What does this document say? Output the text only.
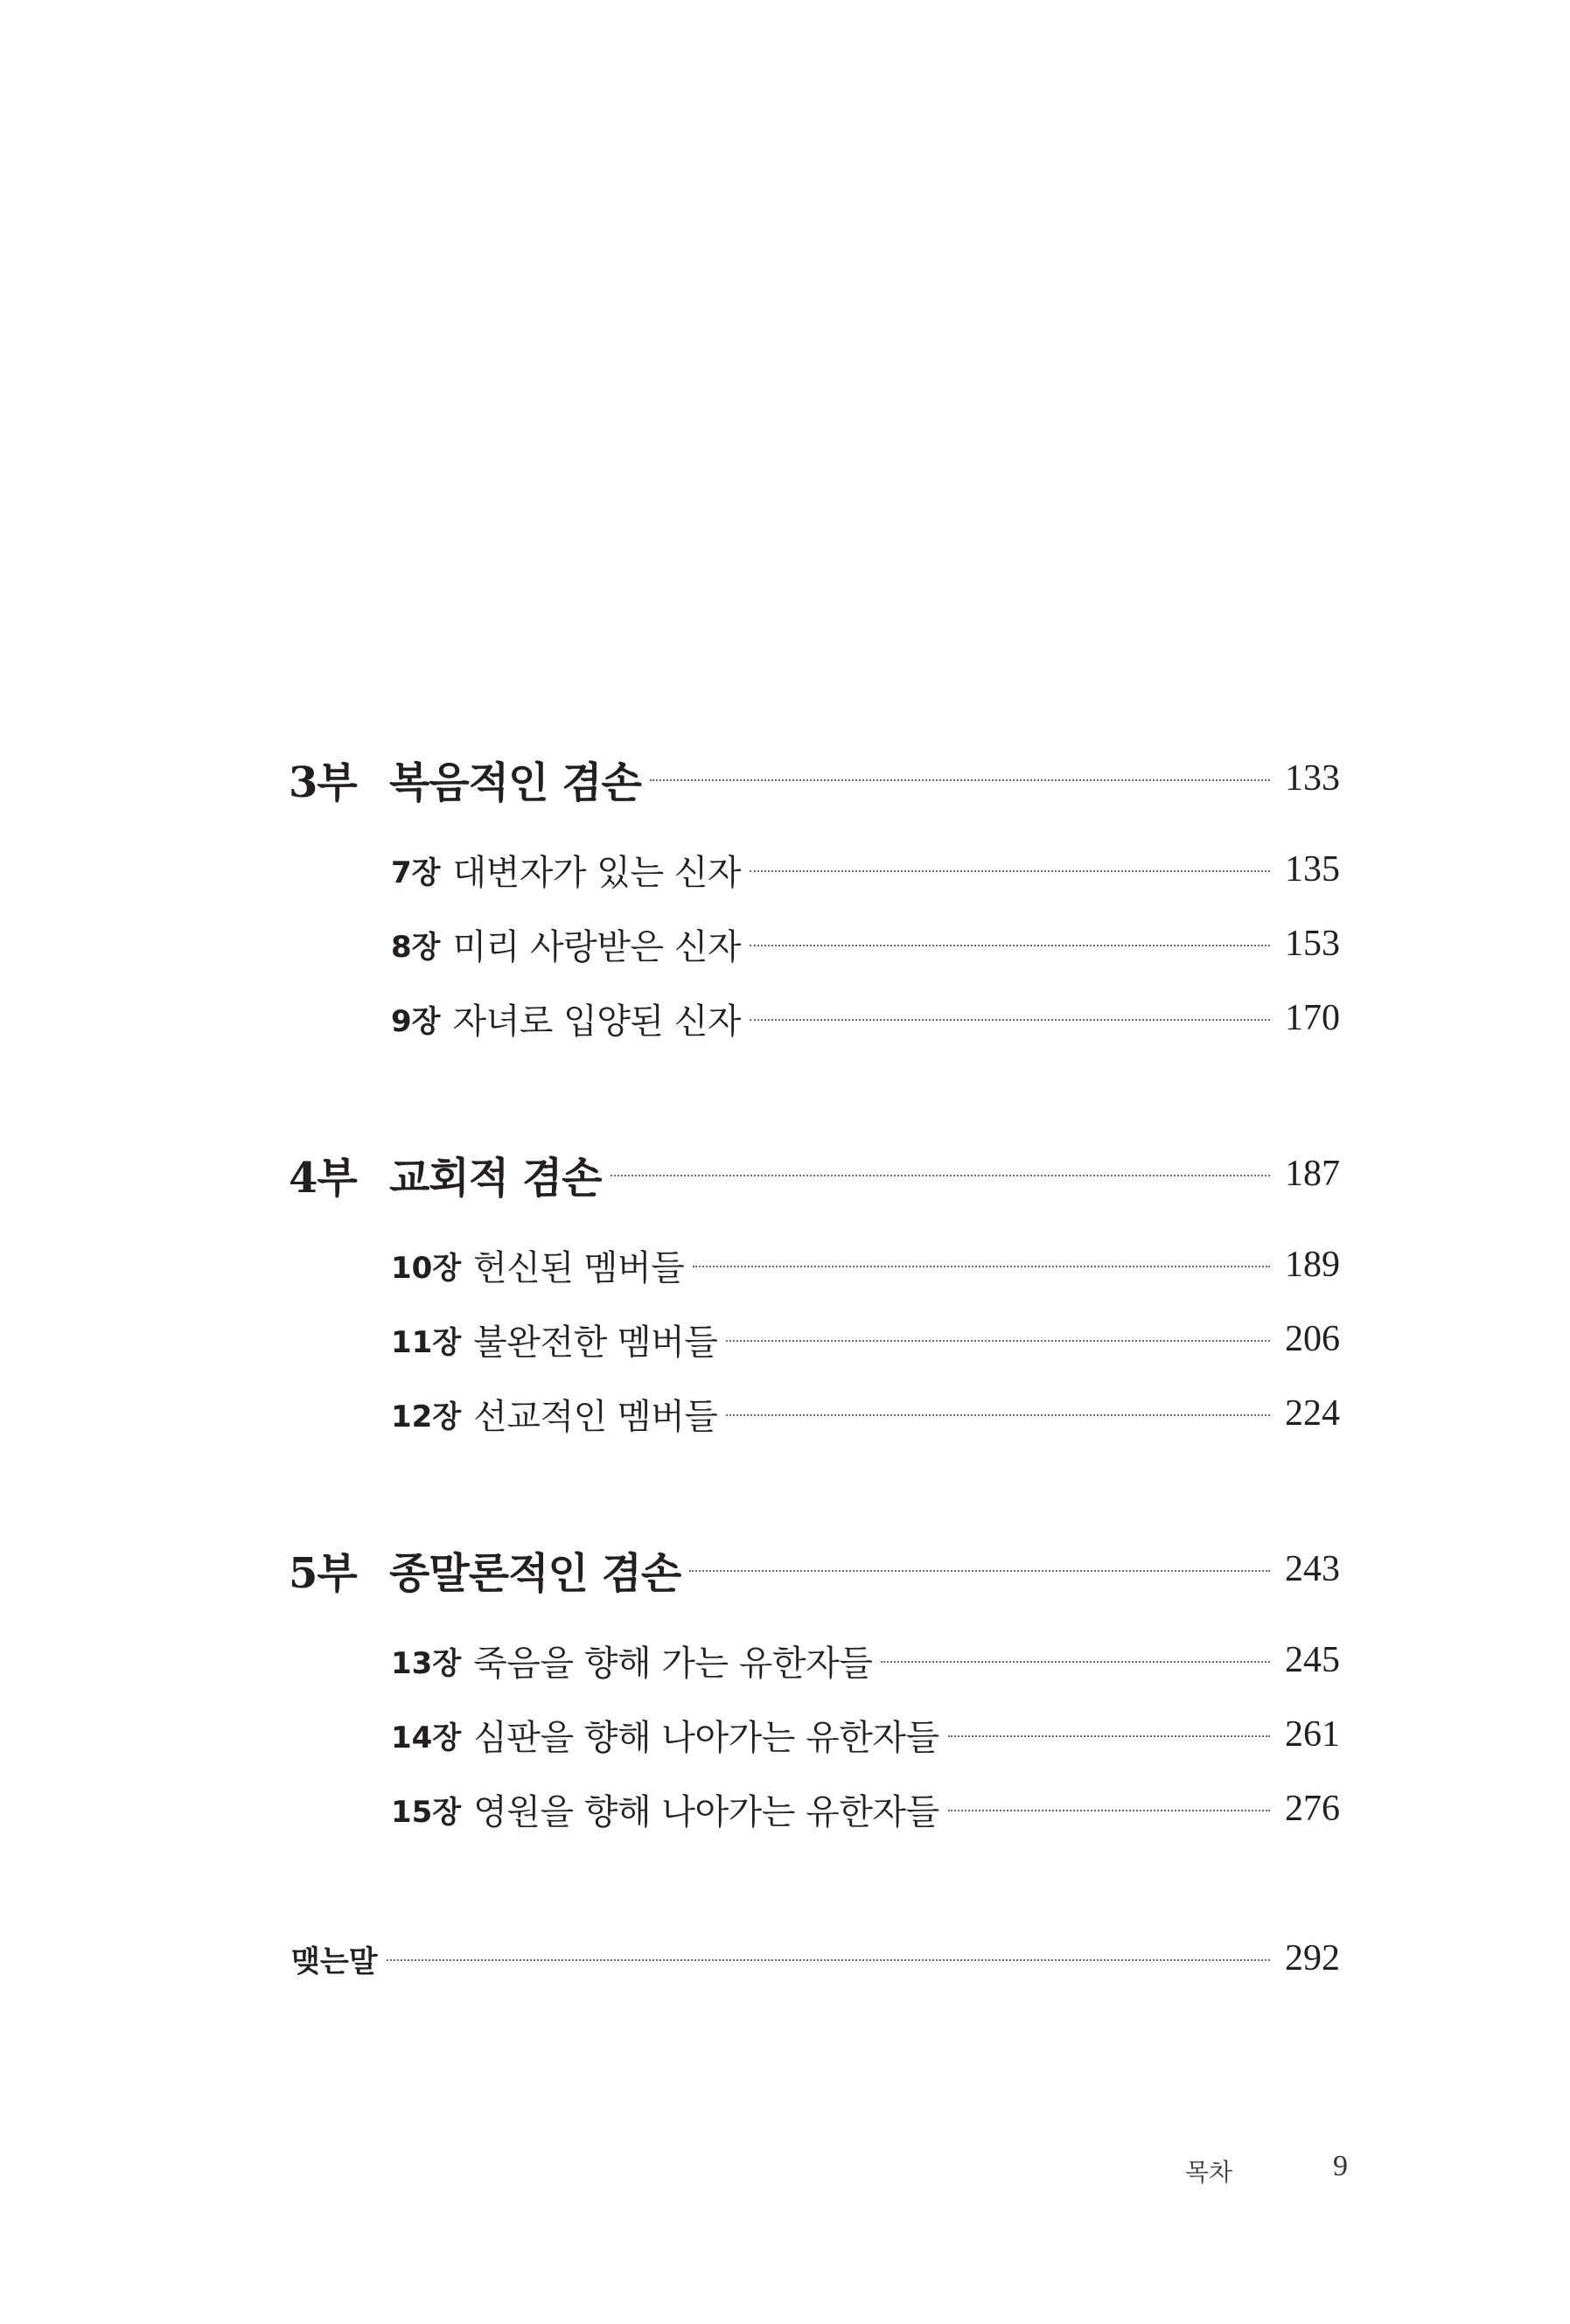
3부 복음적인 겸손	133
7장 대변자가 있는 신자	135
8장 미리 사랑받은 신자	153
9장 자녀로 입양된 신자	170
4부 교회적 겸손	187
10장 헌신된 멤버들	189
11장 불완전한 멤버들	206
12장 선교적인 멤버들	224
5부 종말론적인 겸손	243
13장 죽음을 향해 가는 유한자들	245
14장 심판을 향해 나아가는 유한자들	261
15장 영원을 향해 나아가는 유한자들	276
맺는말	292
목차	9
